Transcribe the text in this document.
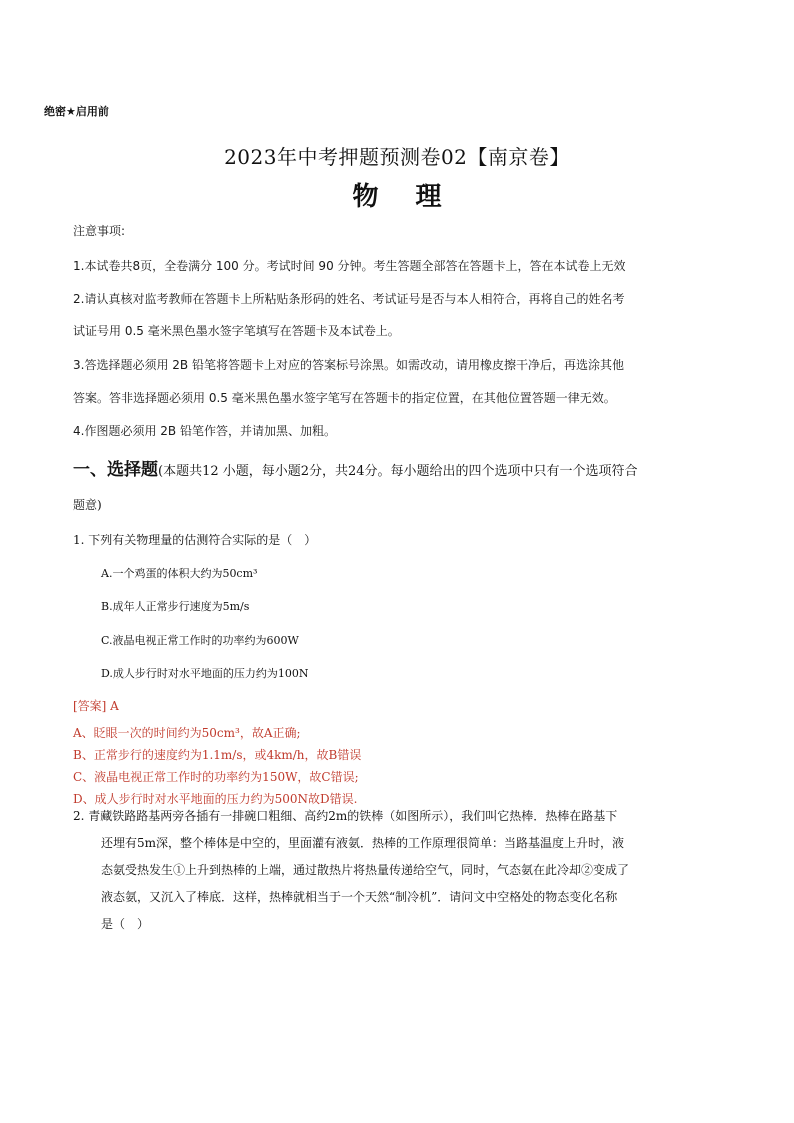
绝密★启用前
2023年中考押题预测卷02【南京卷】
物 理
注意事项:
1.本试卷共8页，全卷满分 100 分。考试时间 90 分钟。考生答题全部答在答题卡上，答在本试卷上无效
2.请认真核对监考教师在答题卡上所粘贴条形码的姓名、考试证号是否与本人相符合，再将自己的姓名考
试证号用 0.5 毫米黑色墨水签字笔填写在答题卡及本试卷上。
3.答选择题必须用 2B 铅笔将答题卡上对应的答案标号涂黑。如需改动，请用橡皮擦干净后，再选涂其他
答案。答非选择题必须用 0.5 毫米黑色墨水签字笔写在答题卡的指定位置，在其他位置答题一律无效。
4.作图题必须用 2B 铅笔作答，并请加黑、加粗。
一、选择题(本题共12 小题，每小题2分，共24分。每小题给出的四个选项中只有一个选项符合
题意)
1. 下列有关物理量的估测符合实际的是（　）
A.一个鸡蛋的体积大约为50cm³
B.成年人正常步行速度为5m/s
C.液晶电视正常工作时的功率约为600W
D.成人步行时对水平地面的压力约为100N
[答案] A
A、眨眼一次的时间约为50cm³，故A正确;
B、正常步行的速度约为1.1m/s，或4km/h，故B错误
C、液晶电视正常工作时的功率约为150W，故C错误;
D、成人步行时对水平地面的压力约为500N故D错误.
2. 青藏铁路路基两旁各插有一排碗口粗细、高约2m的铁棒（如图所示），我们叫它热棒．热棒在路基下
还埋有5m深，整个棒体是中空的，里面灌有液氨．热棒的工作原理很简单：当路基温度上升时，液
态氨受热发生①上升到热棒的上端，通过散热片将热量传递给空气，同时，气态氨在此冷却②变成了
液态氨，又沉入了棒底．这样，热棒就相当于一个天然“制冷机”．请问文中空格处的物态变化名称
是（　）
